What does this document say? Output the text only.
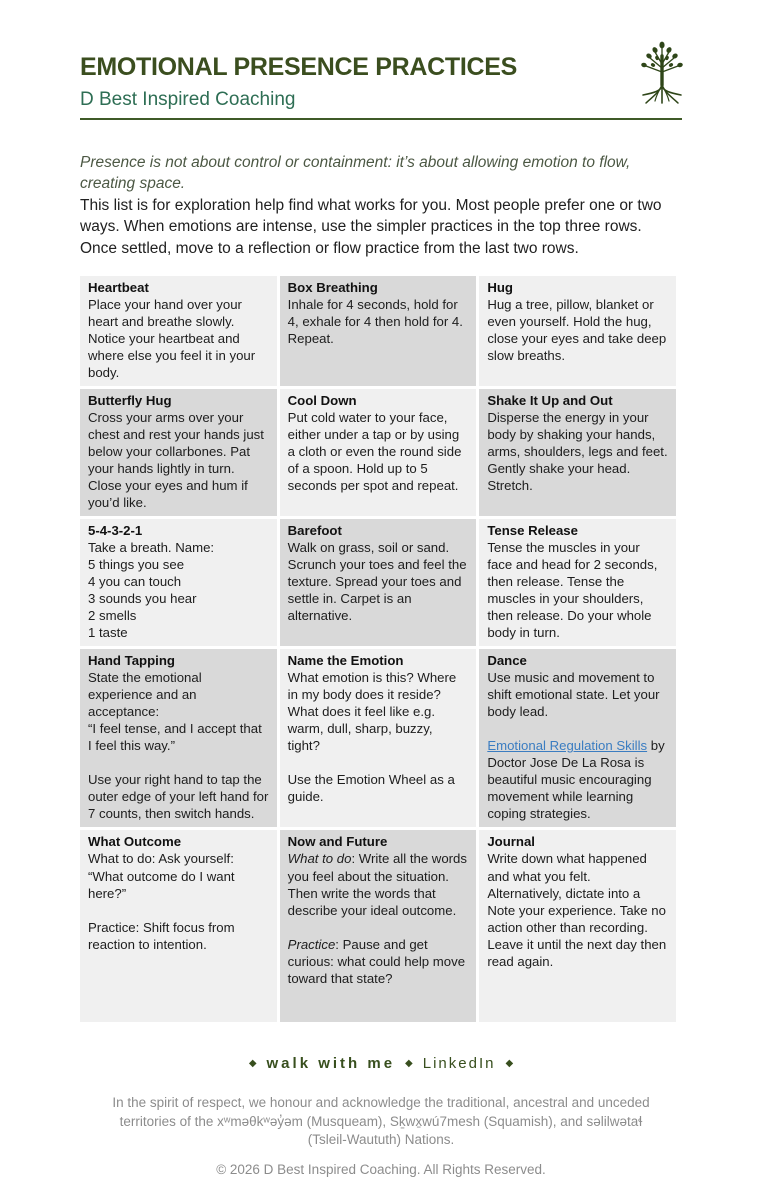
EMOTIONAL PRESENCE PRACTICES
D Best Inspired Coaching
Presence is not about control or containment: it’s about allowing emotion to flow, creating space.
This list is for exploration help find what works for you. Most people prefer one or two ways. When emotions are intense, use the simpler practices in the top three rows. Once settled, move to a reflection or flow practice from the last two rows.
Heartbeat
Place your hand over your heart and breathe slowly. Notice your heartbeat and where else you feel it in your body.

Box Breathing
Inhale for 4 seconds, hold for 4, exhale for 4 then hold for 4. Repeat.

Hug
Hug a tree, pillow, blanket or even yourself. Hold the hug, close your eyes and take deep slow breaths.

Butterfly Hug
Cross your arms over your chest and rest your hands just below your collarbones. Pat your hands lightly in turn. Close your eyes and hum if you’d like.

Cool Down
Put cold water to your face, either under a tap or by using a cloth or even the round side of a spoon. Hold up to 5 seconds per spot and repeat.

Shake It Up and Out
Disperse the energy in your body by shaking your hands, arms, shoulders, legs and feet. Gently shake your head. Stretch.

5-4-3-2-1
Take a breath. Name:
5 things you see
4 you can touch
3 sounds you hear
2 smells
1 taste

Barefoot
Walk on grass, soil or sand. Scrunch your toes and feel the texture. Spread your toes and settle in. Carpet is an alternative.

Tense Release
Tense the muscles in your face and head for 2 seconds, then release. Tense the muscles in your shoulders, then release. Do your whole body in turn.

Hand Tapping
State the emotional experience and an acceptance:
“I feel tense, and I accept that I feel this way.”
Use your right hand to tap the outer edge of your left hand for 7 counts, then switch hands.

Name the Emotion
What emotion is this? Where in my body does it reside? What does it feel like e.g. warm, dull, sharp, buzzy, tight?
Use the Emotion Wheel as a guide.

Dance
Use music and movement to shift emotional state. Let your body lead.
Emotional Regulation Skills by Doctor Jose De La Rosa is beautiful music encouraging movement while learning coping strategies.

What Outcome
What to do: Ask yourself: “What outcome do I want here?”
Practice: Shift focus from reaction to intention.

Now and Future
What to do: Write all the words you feel about the situation. Then write the words that describe your ideal outcome.
Practice: Pause and get curious: what could help move toward that state?

Journal
Write down what happened and what you felt. Alternatively, dictate into a Note your experience. Take no action other than recording. Leave it until the next day then read again.
◆ walk with me ◆ LinkedIn ◆
In the spirit of respect, we honour and acknowledge the traditional, ancestral and unceded territories of the xʷməθkʷəy̓əm (Musqueam), Sḵwx̱wú7mesh (Squamish), and səlilwətaɬ (Tsleil-Waututh) Nations.
© 2026 D Best Inspired Coaching. All Rights Reserved.
